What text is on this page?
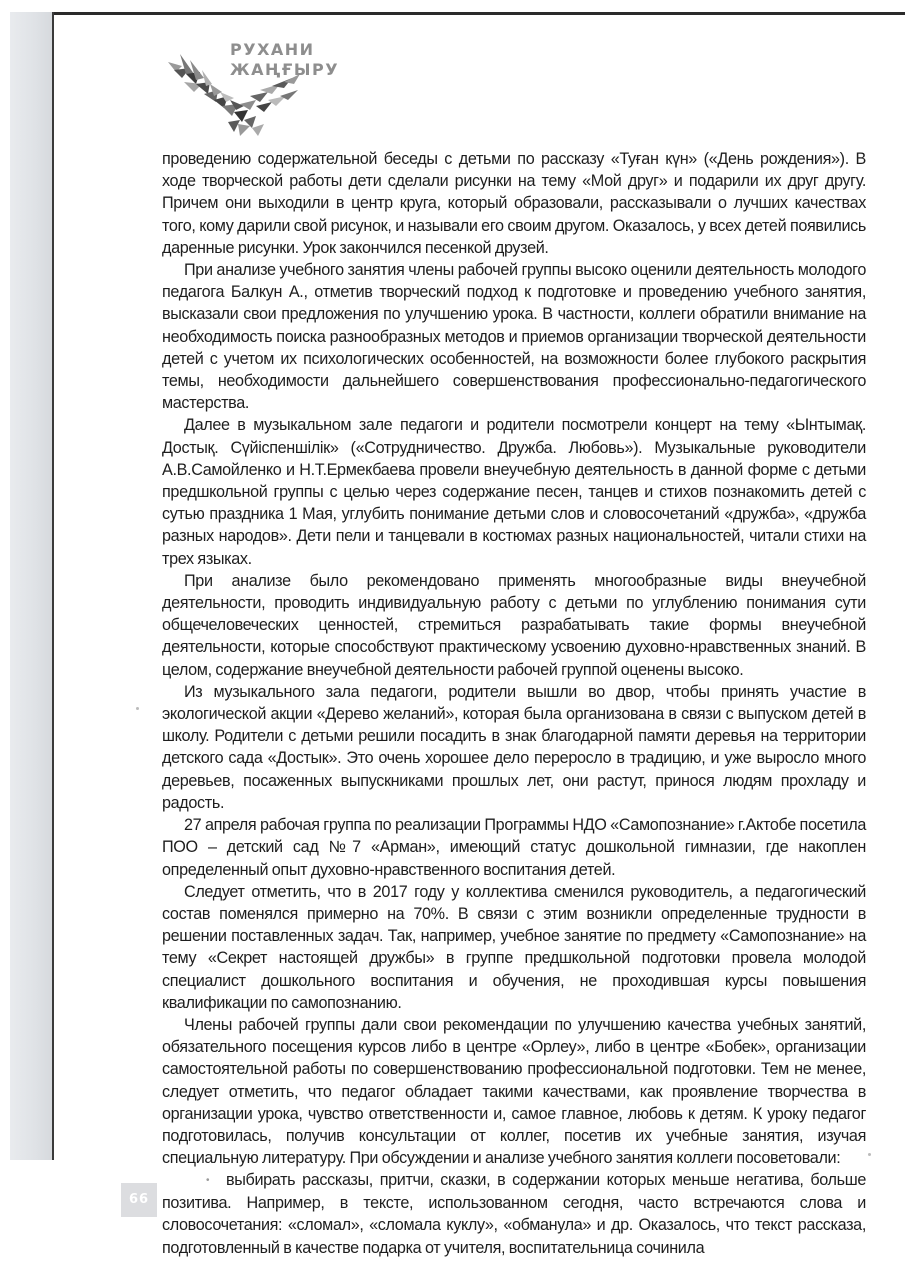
РУХАНИ
ЖАҢҒЫРУ

проведению содержательной беседы с детьми по рассказу «Туған күн» («День рождения»). В ходе творческой работы дети сделали рисунки на тему «Мой друг» и подарили их друг другу. Причем они выходили в центр круга, который образовали, рассказывали о лучших качествах того, кому дарили свой рисунок, и называли его своим другом. Оказалось, у всех детей появились даренные рисунки. Урок закончился песенкой друзей.

При анализе учебного занятия члены рабочей группы высоко оценили деятельность молодого педагога Балкун А., отметив творческий подход к подготовке и проведению учебного занятия, высказали свои предложения по улучшению урока. В частности, коллеги обратили внимание на необходимость поиска разнообразных методов и приемов организации творческой деятельности детей с учетом их психологических особенностей, на возможности более глубокого раскрытия темы, необходимости дальнейшего совершенствования профессионально-педагогического мастерства.

Далее в музыкальном зале педагоги и родители посмотрели концерт на тему «Ынтымақ. Достық. Сүйіспеншілік» («Сотрудничество. Дружба. Любовь»). Музыкальные руководители А.В.Самойленко и Н.Т.Ермекбаева провели внеучебную деятельность в данной форме с детьми предшкольной группы с целью через содержание песен, танцев и стихов познакомить детей с сутью праздника 1 Мая, углубить понимание детьми слов и словосочетаний «дружба», «дружба разных народов». Дети пели и танцевали в костюмах разных национальностей, читали стихи на трех языках.

При анализе было рекомендовано применять многообразные виды внеучебной деятельности, проводить индивидуальную работу с детьми по углублению понимания сути общечеловеческих ценностей, стремиться разрабатывать такие формы внеучебной деятельности, которые способствуют практическому усвоению духовно-нравственных знаний. В целом, содержание внеучебной деятельности рабочей группой оценены высоко.

Из музыкального зала педагоги, родители вышли во двор, чтобы принять участие в экологической акции «Дерево желаний», которая была организована в связи с выпуском детей в школу. Родители с детьми решили посадить в знак благодарной памяти деревья на территории детского сада «Достык». Это очень хорошее дело переросло в традицию, и уже выросло много деревьев, посаженных выпускниками прошлых лет, они растут, принося людям прохладу и радость.

27 апреля рабочая группа по реализации Программы НДО «Самопознание» г.Актобе посетила ПОО – детский сад №7 «Арман», имеющий статус дошкольной гимназии, где накоплен определенный опыт духовно-нравственного воспитания детей.

Следует отметить, что в 2017 году у коллектива сменился руководитель, а педагогический состав поменялся примерно на 70%. В связи с этим возникли определенные трудности в решении поставленных задач. Так, например, учебное занятие по предмету «Самопознание» на тему «Секрет настоящей дружбы» в группе предшкольной подготовки провела молодой специалист дошкольного воспитания и обучения, не проходившая курсы повышения квалификации по самопознанию.

Члены рабочей группы дали свои рекомендации по улучшению качества учебных занятий, обязательного посещения курсов либо в центре «Орлеу», либо в центре «Бобек», организации самостоятельной работы по совершенствованию профессиональной подготовки. Тем не менее, следует отметить, что педагог обладает такими качествами, как проявление творчества в организации урока, чувство ответственности и, самое главное, любовь к детям. К уроку педагог подготовилась, получив консультации от коллег, посетив их учебные занятия, изучая специальную литературу. При обсуждении и анализе учебного занятия коллеги посоветовали:

• выбирать рассказы, притчи, сказки, в содержании которых меньше негатива, больше позитива. Например, в тексте, использованном сегодня, часто встречаются слова и словосочетания: «сломал», «сломала куклу», «обманула» и др. Оказалось, что текст рассказа, подготовленный в качестве подарка от учителя, воспитательница сочинила

66
